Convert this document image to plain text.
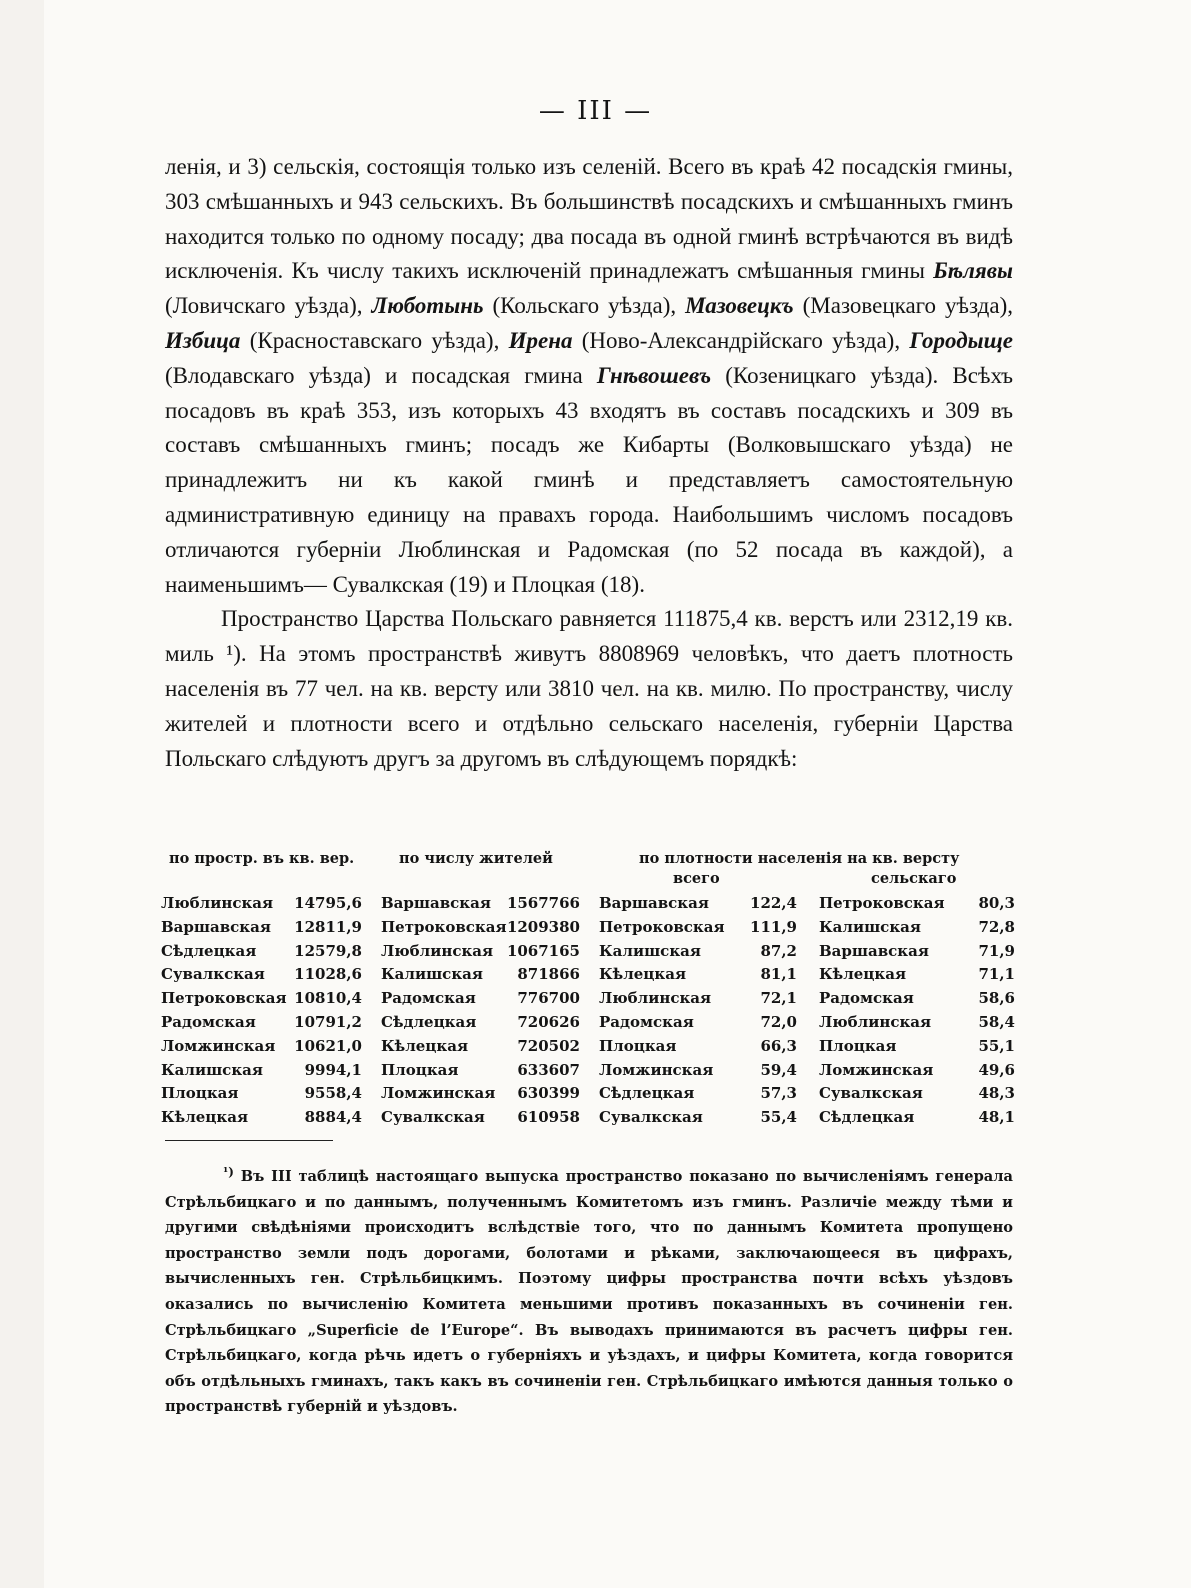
— III —

ленія, и 3) сельскія, состоящія только изъ селеній. Всего въ краѣ 42 посадскія гмины, 303 смѣшанныхъ и 943 сельскихъ. Въ большинствѣ посадскихъ и смѣшанныхъ гминъ находится только по одному посаду; два посада въ одной гминѣ встрѣчаются въ видѣ исключенія. Къ числу такихъ исключеній принадлежатъ смѣшанныя гмины Бѣлявы (Ловичскаго уѣзда), Люботынь (Кольскаго уѣзда), Мазовецкъ (Мазовецкаго уѣзда), Избица (Красноставскаго уѣзда), Ирена (Ново-Александрійскаго уѣзда), Городыще (Влодавскаго уѣзда) и посадская гмина Гнѣвошевъ (Козеницкаго уѣзда). Всѣхъ посадовъ въ краѣ 353, изъ которыхъ 43 входятъ въ составъ посадскихъ и 309 въ составъ смѣшанныхъ гминъ; посадъ же Кибарты (Волковышскаго уѣзда) не принадлежитъ ни къ какой гминѣ и представляетъ самостоятельную административную единицу на правахъ города. Наибольшимъ числомъ посадовъ отличаются губерніи Люблинская и Радомская (по 52 посада въ каждой), а наименьшимъ— Сувалкская (19) и Плоцкая (18).

Пространство Царства Польскаго равняется 111875,4 кв. верстъ или 2312,19 кв. миль ¹). На этомъ пространствѣ живутъ 8808969 человѣкъ, что даетъ плотность населенія въ 77 чел. на кв. версту или 3810 чел. на кв. милю. По пространству, числу жителей и плотности всего и отдѣльно сельскаго населенія, губерніи Царства Польскаго слѣдуютъ другъ за другомъ въ слѣдующемъ порядкѣ:

по простр. въ кв. вер.	по числу жителей	по плотности населенія на кв. версту
всего	сельскаго
Люблинская 14795,6 Варшавская 1567766 Варшавская	122,4 Петроковская 80,3
Варшавская 12811,9 Петроковская 1209380 Петроковская 111,9 Калишская	72,8
Сѣдлецкая	12579,8 Люблинская 1067165 Калишская	87,2 Варшавская	71,9
Сувалкская 11028,6 Калишская 871866 Кѣлецкая	81,1 Кѣлецкая	71,1
Петроковская 10810,4 Радомская	776700 Люблинская	72,1 Радомская	58,6
Радомская	10791,2 Сѣдлецкая	720626 Радомская	72,0 Люблинская	58,4
Ломжинская 10621,0 Кѣлецкая	720502 Плоцкая	66,3 Плоцкая	55,1
Калишская	9994,1 Плоцкая	633607 Ломжинская	59,4 Ломжинская	49,6
Плоцкая	9558,4 Ломжинская 630399 Сѣдлецкая	57,3 Сувалкская	48,3
Кѣлецкая	8884,4 Сувалкская 610958 Сувалкская	55,4 Сѣдлецкая	48,1
$^{^1)}$ Въ III таблицѣ настоящаго выпуска пространство показано по вычисленіямъ генерала Стрѣльбицкаго и по даннымъ, полученнымъ Комитетомъ изъ гминъ. Различіе между тѣми и другими свѣдѣніями происходитъ вслѣдствіе того, что по даннымъ Комитета пропущено пространство земли подъ дорогами, болотами и рѣками, заключающееся въ цифрахъ, вычисленныхъ ген. Стрѣльбицкимъ. Поэтому цифры пространства почти всѣхъ уѣздовъ оказались по вычисленію Комитета меньшими противъ показанныхъ въ сочиненіи ген. Стрѣльбицкаго „Superficie de l’Europe“. Въ выводахъ принимаются въ расчетъ цифры ген. Стрѣльбицкаго, когда рѣчь идетъ о губерніяхъ и уѣздахъ, и цифры Комитета, когда говорится объ отдѣльныхъ гминахъ, такъ какъ въ сочиненіи ген. Стрѣльбицкаго имѣются данныя только о пространствѣ губерній и уѣздовъ.
